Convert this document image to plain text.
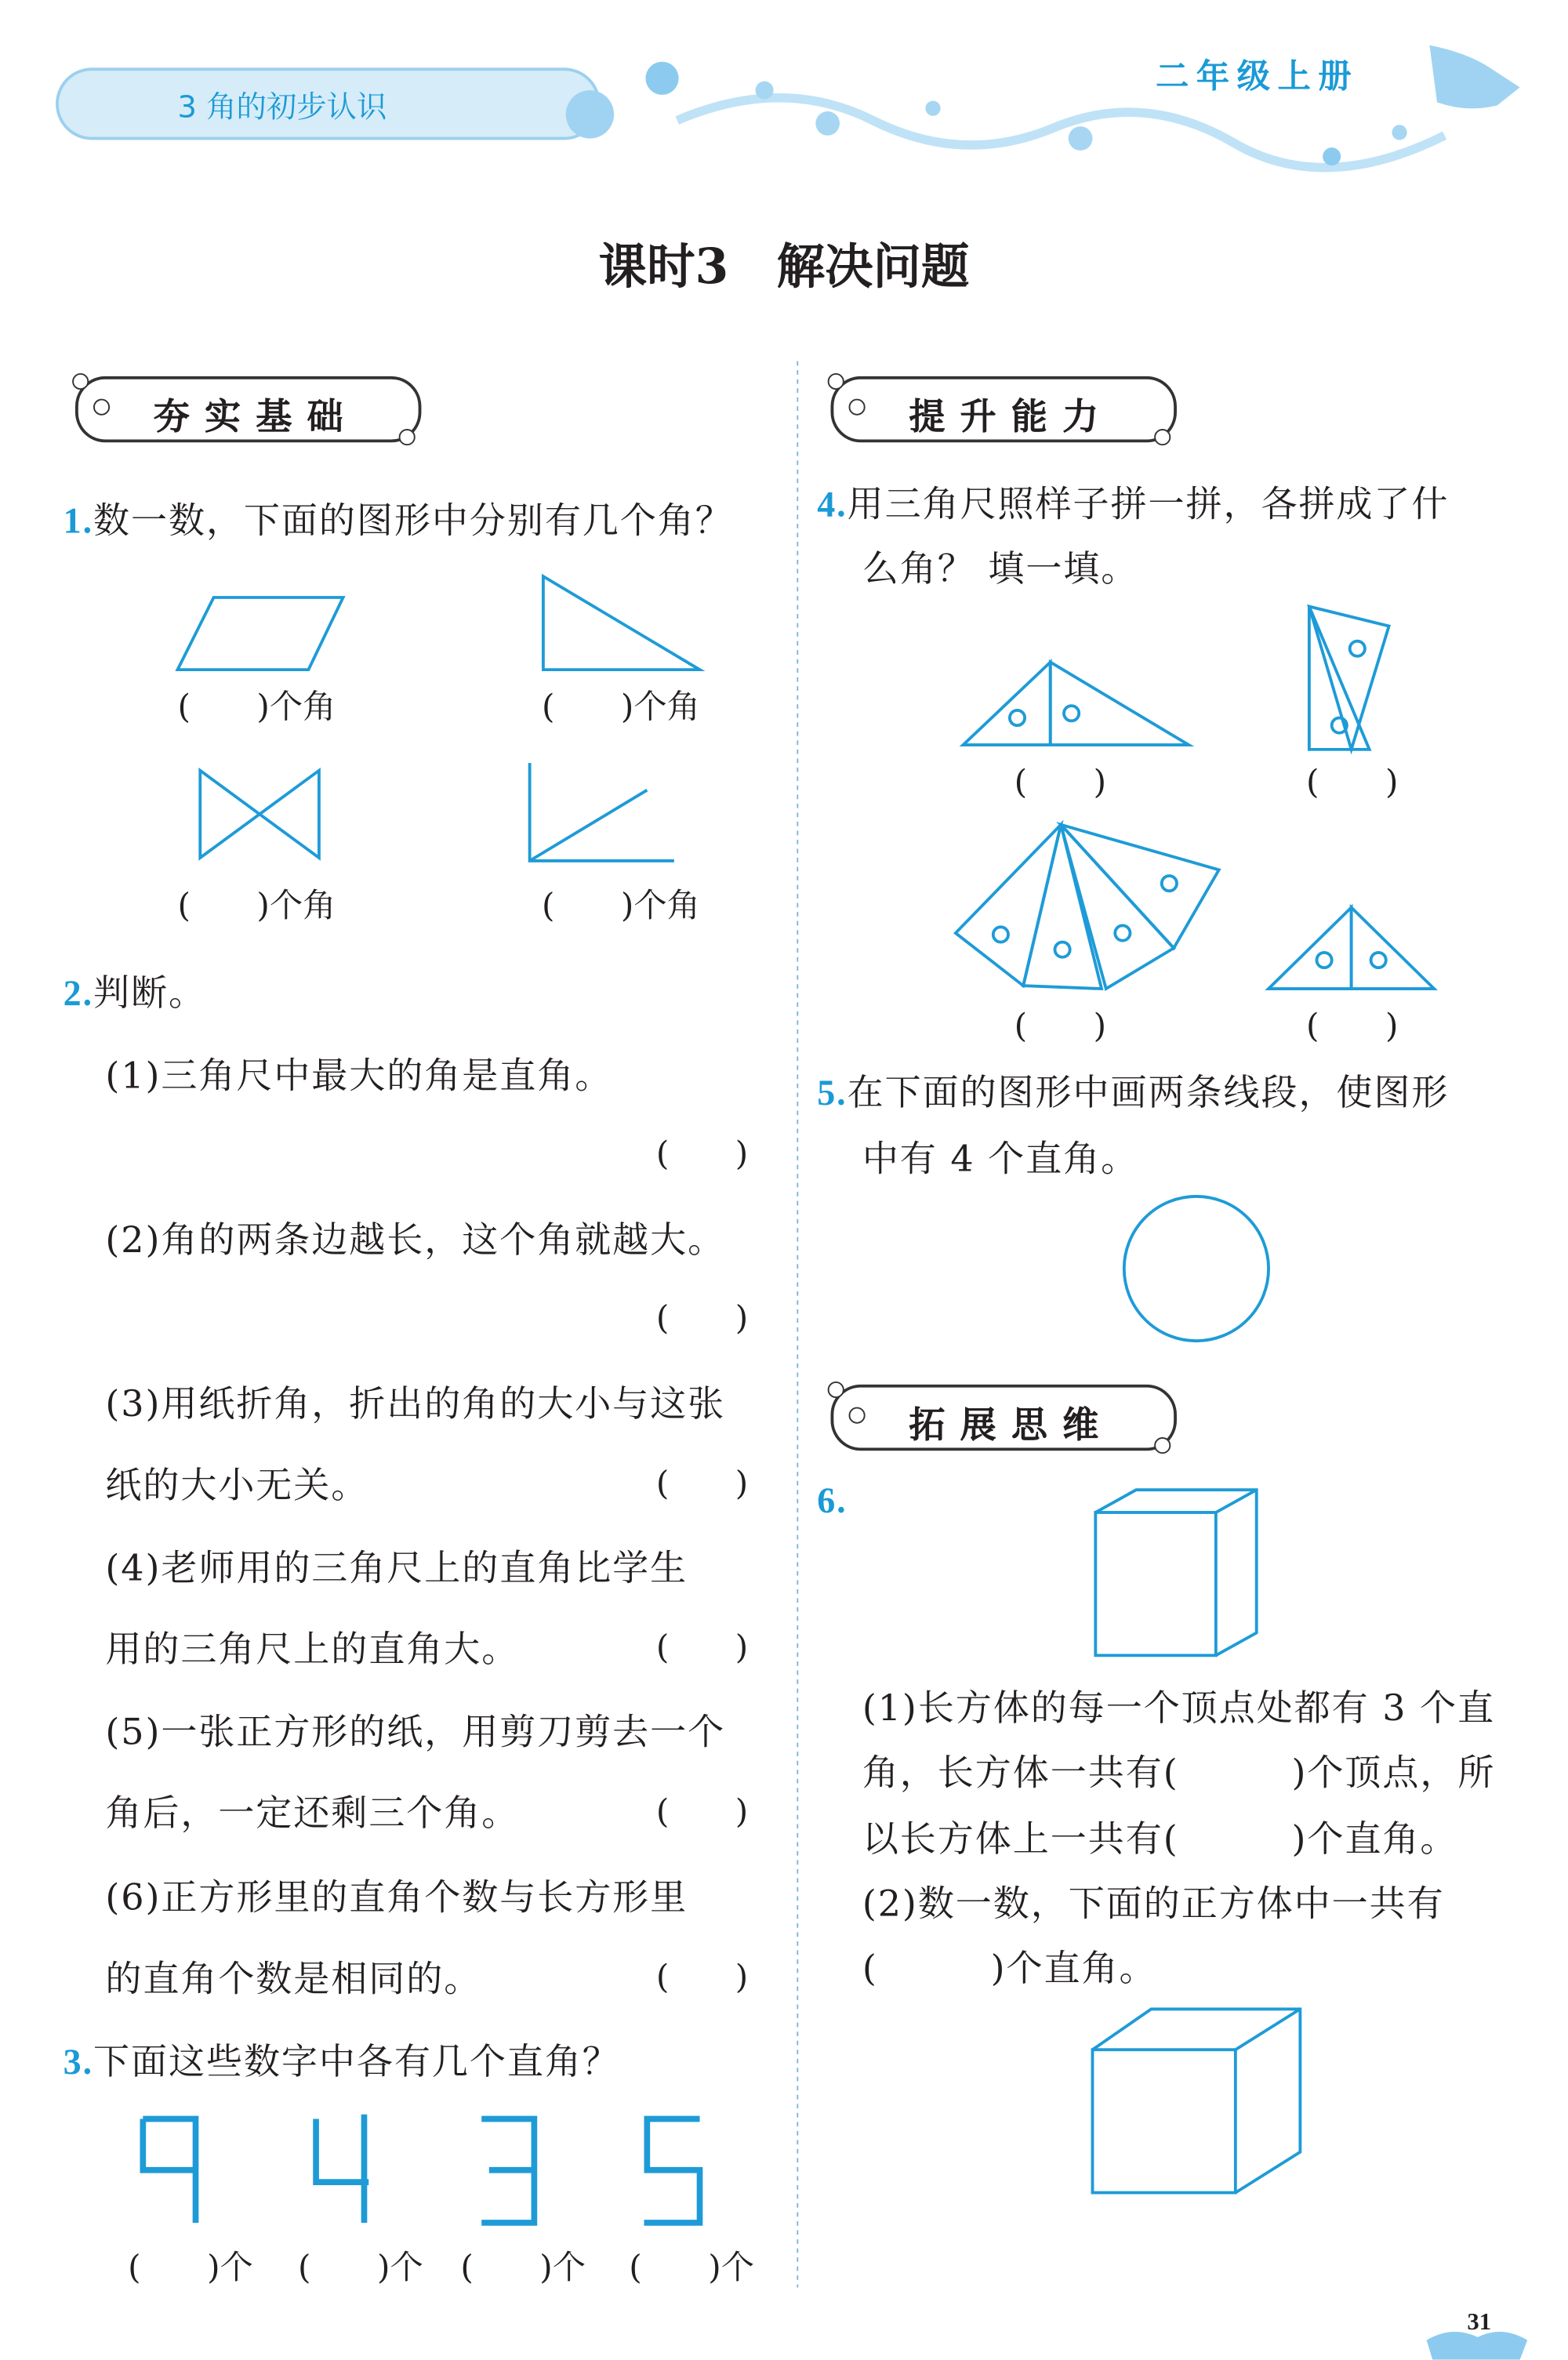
3 角的初步认识
二年级上册
课时3　解决问题
夯实基础	提升能力
拓展思维
1.数一数，下面的图形中分别有几个角？
(　　)个角	(　　)个角
(　　)个角	(　　)个角
2.判断。
(1)三角尺中最大的角是直角。
(　　)
(2)角的两条边越长，这个角就越大。
(　　)
(3)用纸折角，折出的角的大小与这张
纸的大小无关。	(　　)
(4)老师用的三角尺上的直角比学生
用的三角尺上的直角大。	(　　)
(5)一张正方形的纸，用剪刀剪去一个
角后，一定还剩三个角。	(　　)
(6)正方形里的直角个数与长方形里
的直角个数是相同的。	(　　)
3.下面这些数字中各有几个直角？
(　　)个	(　　)个 (　　)个	(　　)个
4.用三角尺照样子拼一拼，各拼成了什
么角？ 填一填。
(　　)	(　　)
(　　)	(　　)
5.在下面的图形中画两条线段，使图形
中有 4 个直角。
6.
(1)长方体的每一个顶点处都有 3 个直
角，长方体一共有(　　　)个顶点，所
以长方体上一共有(　　　)个直角。
(2)数一数，下面的正方体中一共有
(　　　)个直角。
31
